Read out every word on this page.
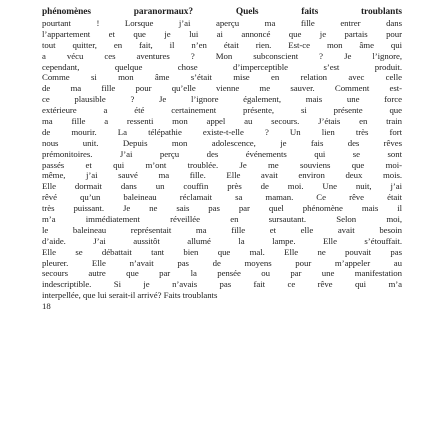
phénomènes paranormaux? Quels faits troublants
pourtant ! Lorsque j’ai aperçu ma fille entrer dans
l’appartement et que je lui ai annoncé que je partais pour
tout quitter, en fait, il n’en était rien. Est-ce mon âme qui
a vécu ces aventures ? Mon subconscient ? Je l’ignore,
cependant, quelque chose d’imperceptible s’est produit.
Comme si mon âme s’était mise en relation avec celle
de ma fille pour qu’elle vienne me sauver. Comment est-
ce plausible ? Je l’ignore également, mais une force
extérieure a été certainement présente, si présente que
ma fille a ressenti mon appel au secours. J’étais en train
de mourir. La télépathie existe-t-elle ? Un lien très fort
nous unit. Depuis mon adolescence, je fais des rêves
prémonitoires. J’ai perçu des événements qui se sont
passés et qui m’ont troublée. Je me souviens que moi-
même, j’ai sauvé ma fille. Elle avait environ deux mois.
Elle dormait dans un couffin près de moi. Une nuit, j’ai
rêvé qu’un baleineau réclamait sa maman. Ce rêve était
très puissant. Je ne sais pas par quel phénomène mais il
m’a immédiatement réveillée en sursautant. Selon moi,
le baleineau représentait ma fille et elle avait besoin
d’aide. J’ai aussitôt allumé la lampe. Elle s’étouffait.
Elle se débattait tant bien que mal. Elle ne pouvait pas
pleurer. Elle n’avait pas de moyens pour m’appeler au
secours autre que par la pensée ou par une manifestation
indescriptible. Si je n’avais pas fait ce rêve qui m’a
interpellée, que lui serait-il arrivé? Faits troublants
18
